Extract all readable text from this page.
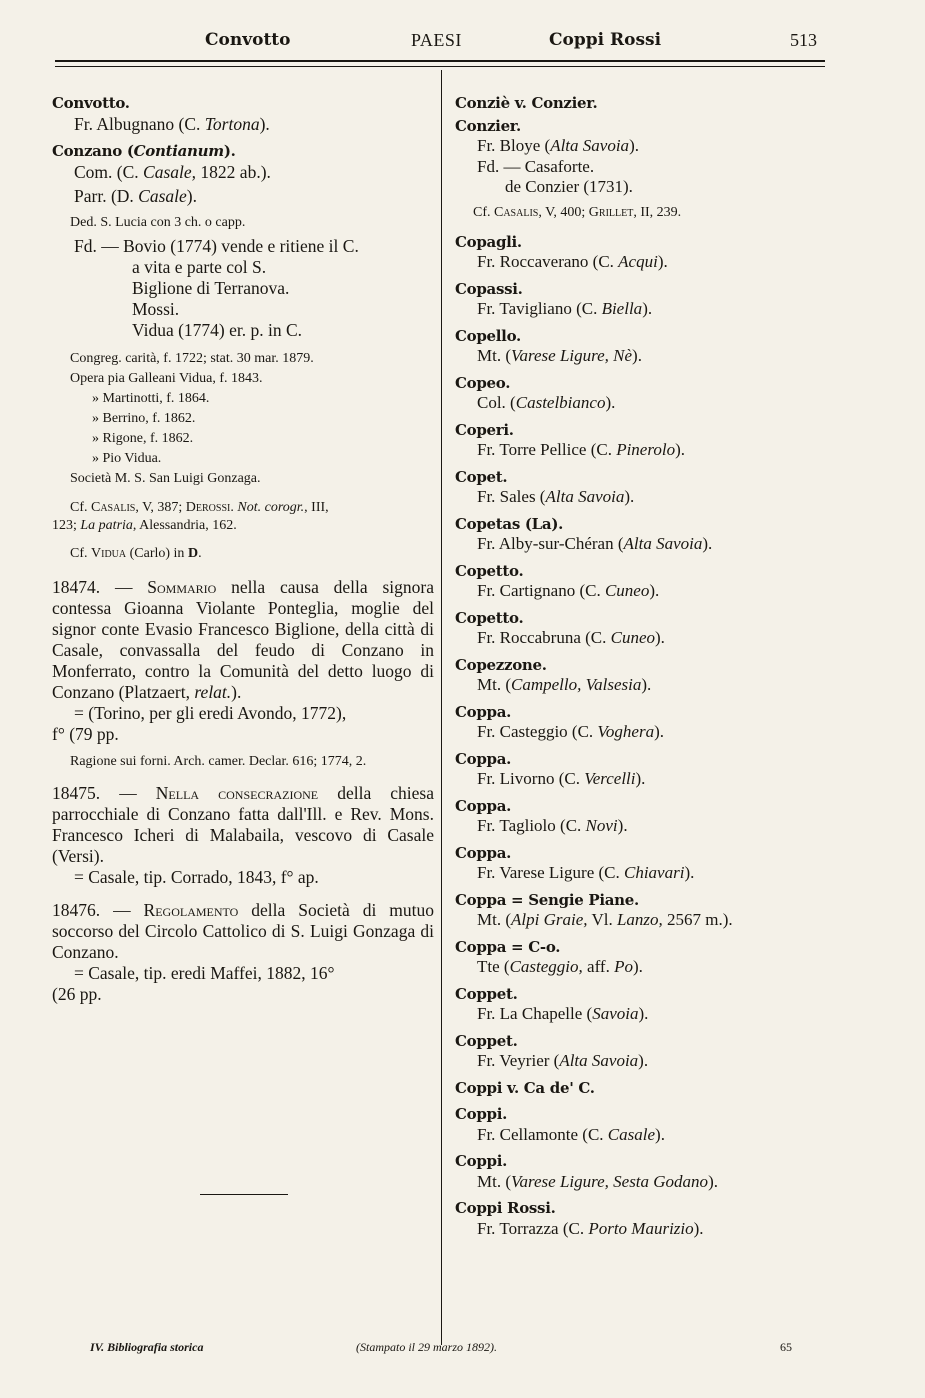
Convotto	PAESI	Coppi Rossi	513
Convotto.
Fr. Albugnano (C. Tortona).
Conzano (Contianum).
Com. (C. Casale, 1822 ab.).
Parr. (D. Casale).
Ded. S. Lucia con 3 ch. o capp.
Fd. — Bovio (1774) vende e ritiene il C.
a vita e parte col S.
Biglione di Terranova.
Mossi.
Vidua (1774) er. p. in C.
Congreg. carità, f. 1722; stat. 30 mar. 1879.
Opera pia Galleani Vidua, f. 1843.
» Martinotti, f. 1864.
» Berrino, f. 1862.
» Rigone, f. 1862.
» Pio Vidua.
Società M. S. San Luigi Gonzaga.
Cf. Casalis, V, 387; Derossi. Not. corogr., III,
123; La patria, Alessandria, 162.
Cf. Vidua (Carlo) in D.
18474. — Sommario nella causa della signora contessa Gioanna Violante Ponteglia, moglie del signor conte Evasio Francesco Biglione, della città di Casale, convassalla del feudo di Conzano in Monferrato, contro la Comunità del detto luogo di Conzano (Platzaert, relat.).
= (Torino, per gli eredi Avondo, 1772),
f° (79 pp.
Ragione sui forni. Arch. camer. Declar. 616; 1774, 2.
18475. — Nella consecrazione della chiesa parrocchiale di Conzano fatta dall'Ill. e Rev. Mons. Francesco Icheri di Malabaila, vescovo di Casale (Versi).
= Casale, tip. Corrado, 1843, f° ap.
18476. — Regolamento della Società di mutuo soccorso del Circolo Cattolico di S. Luigi Gonzaga di Conzano.
= Casale, tip. eredi Maffei, 1882, 16°
(26 pp.
Conziè v. Conzier.
Conzier.
Fr. Bloye (Alta Savoia).
Fd. — Casaforte.
de Conzier (1731).
Cf. Casalis, V, 400; Grillet, II, 239.
Copagli.
Fr. Roccaverano (C. Acqui).
Copassi.
Fr. Tavigliano (C. Biella).
Copello.
Mt. (Varese Ligure, Nè).
Copeo.
Col. (Castelbianco).
Coperi.
Fr. Torre Pellice (C. Pinerolo).
Copet.
Fr. Sales (Alta Savoia).
Copetas (La).
Fr. Alby-sur-Chéran (Alta Savoia).
Copetto.
Fr. Cartignano (C. Cuneo).
Copetto.
Fr. Roccabruna (C. Cuneo).
Copezzone.
Mt. (Campello, Valsesia).
Coppa.
Fr. Casteggio (C. Voghera).
Coppa.
Fr. Livorno (C. Vercelli).
Coppa.
Fr. Tagliolo (C. Novi).
Coppa.
Fr. Varese Ligure (C. Chiavari).
Coppa = Sengie Piane.
Mt. (Alpi Graie, Vl. Lanzo, 2567 m.).
Coppa = C-o.
Tte (Casteggio, aff. Po).
Coppet.
Fr. La Chapelle (Savoia).
Coppet.
Fr. Veyrier (Alta Savoia).
Coppi v. Ca de' C.
Coppi.
Fr. Cellamonte (C. Casale).
Coppi.
Mt. (Varese Ligure, Sesta Godano).
Coppi Rossi.
Fr. Torrazza (C. Porto Maurizio).
IV. Bibliografia storica	(Stampato il 29 marzo 1892).	65
